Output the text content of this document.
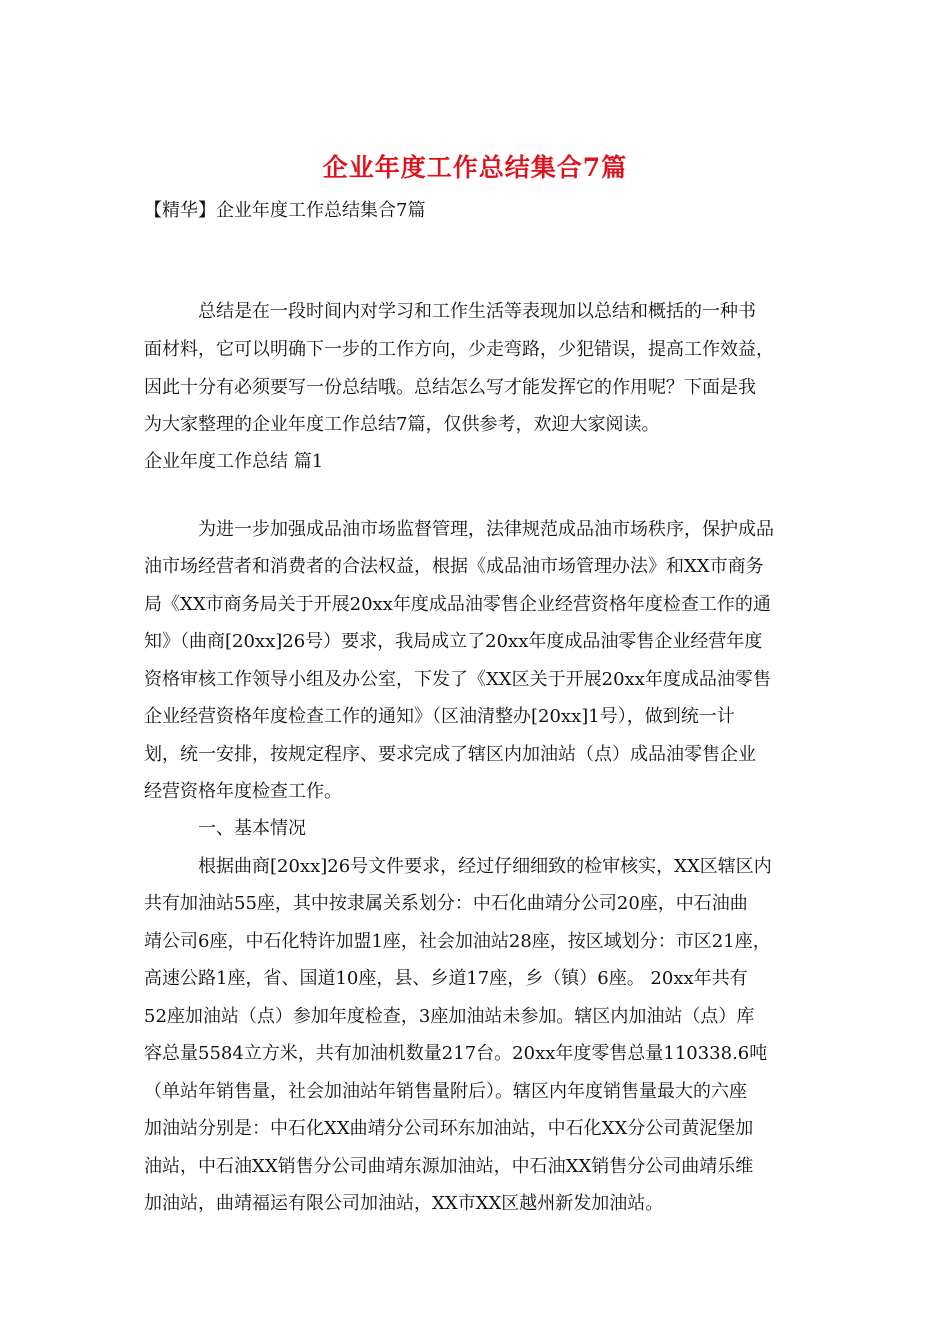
企业年度工作总结集合7篇
【精华】企业年度工作总结集合7篇
　　　总结是在一段时间内对学习和工作生活等表现加以总结和概括的一种书
面材料，它可以明确下一步的工作方向，少走弯路，少犯错误，提高工作效益，
因此十分有必须要写一份总结哦。总结怎么写才能发挥它的作用呢？下面是我
为大家整理的企业年度工作总结7篇，仅供参考，欢迎大家阅读。
企业年度工作总结 篇1
　　　为进一步加强成品油市场监督管理，法律规范成品油市场秩序，保护成品
油市场经营者和消费者的合法权益，根据《成品油市场管理办法》和XX市商务
局《XX市商务局关于开展20xx年度成品油零售企业经营资格年度检查工作的通
知》（曲商[20xx]26号）要求，我局成立了20xx年度成品油零售企业经营年度
资格审核工作领导小组及办公室，下发了《XX区关于开展20xx年度成品油零售
企业经营资格年度检查工作的通知》（区油清整办[20xx]1号），做到统一计
划，统一安排，按规定程序、要求完成了辖区内加油站（点）成品油零售企业
经营资格年度检查工作。
　　　一、基本情况
　　　根据曲商[20xx]26号文件要求，经过仔细细致的检审核实，XX区辖区内
共有加油站55座，其中按隶属关系划分：中石化曲靖分公司20座，中石油曲
靖公司6座，中石化特许加盟1座，社会加油站28座，按区域划分：市区21座，
高速公路1座，省、国道10座，县、乡道17座，乡（镇）6座。 20xx年共有
52座加油站（点）参加年度检查，3座加油站未参加。辖区内加油站（点）库
容总量5584立方米，共有加油机数量217台。20xx年度零售总量110338.6吨
（单站年销售量，社会加油站年销售量附后）。辖区内年度销售量最大的六座
加油站分别是：中石化XX曲靖分公司环东加油站，中石化XX分公司黄泥堡加
油站，中石油XX销售分公司曲靖东源加油站，中石油XX销售分公司曲靖乐维
加油站，曲靖福运有限公司加油站，XX市XX区越州新发加油站。
